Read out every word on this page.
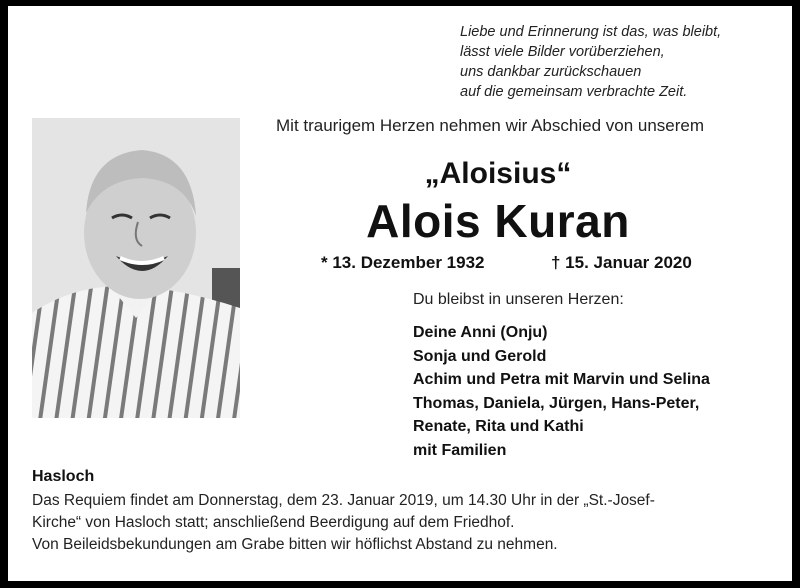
Liebe und Erinnerung ist das, was bleibt,
lässt viele Bilder vorüberziehen,
uns dankbar zurückschauen
auf die gemeinsam verbrachte Zeit.
Mit traurigem Herzen nehmen wir Abschied von unserem
„Aloisius“
Alois Kuran
* 13. Dezember 1932	† 15. Januar 2020
Du bleibst in unseren Herzen:
Deine Anni (Onju)
Sonja und Gerold
Achim und Petra mit Marvin und Selina
Thomas, Daniela, Jürgen, Hans-Peter,
Renate, Rita und Kathi
mit Familien
Hasloch
Das Requiem findet am Donnerstag, dem 23. Januar 2019, um 14.30 Uhr in der „St.-Josef-
Kirche“ von Hasloch statt; anschließend Beerdigung auf dem Friedhof.
Von Beileidsbekundungen am Grabe bitten wir höflichst Abstand zu nehmen.
